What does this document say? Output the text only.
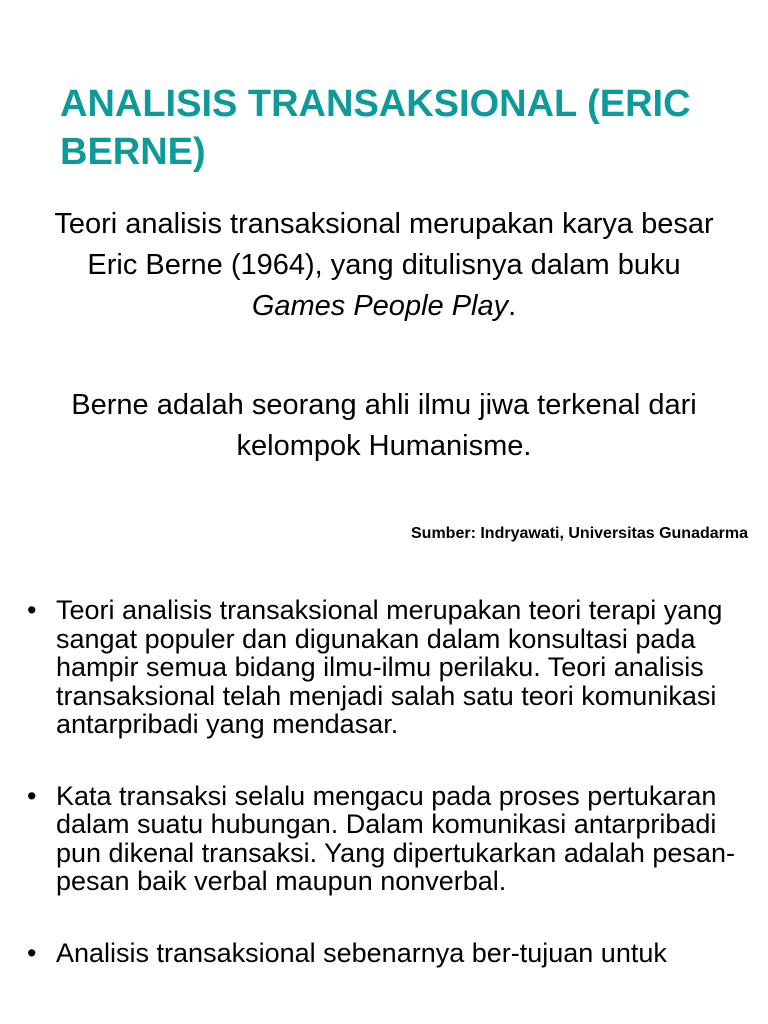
ANALISIS TRANSAKSIONAL (ERIC BERNE)

Teori analisis transaksional merupakan karya besar Eric Berne (1964), yang ditulisnya dalam buku Games People Play.

Berne adalah seorang ahli ilmu jiwa terkenal dari kelompok Humanisme.

Sumber: Indryawati, Universitas Gunadarma

• Teori analisis transaksional merupakan teori terapi yang sangat populer dan digunakan dalam konsultasi pada hampir semua bidang ilmu-ilmu perilaku. Teori analisis transaksional telah menjadi salah satu teori komunikasi antarpribadi yang mendasar.
• Kata transaksi selalu mengacu pada proses pertukaran dalam suatu hubungan. Dalam komunikasi antarpribadi pun dikenal transaksi. Yang dipertukarkan adalah pesan-pesan baik verbal maupun nonverbal.
• Analisis transaksional sebenarnya ber-tujuan untuk
